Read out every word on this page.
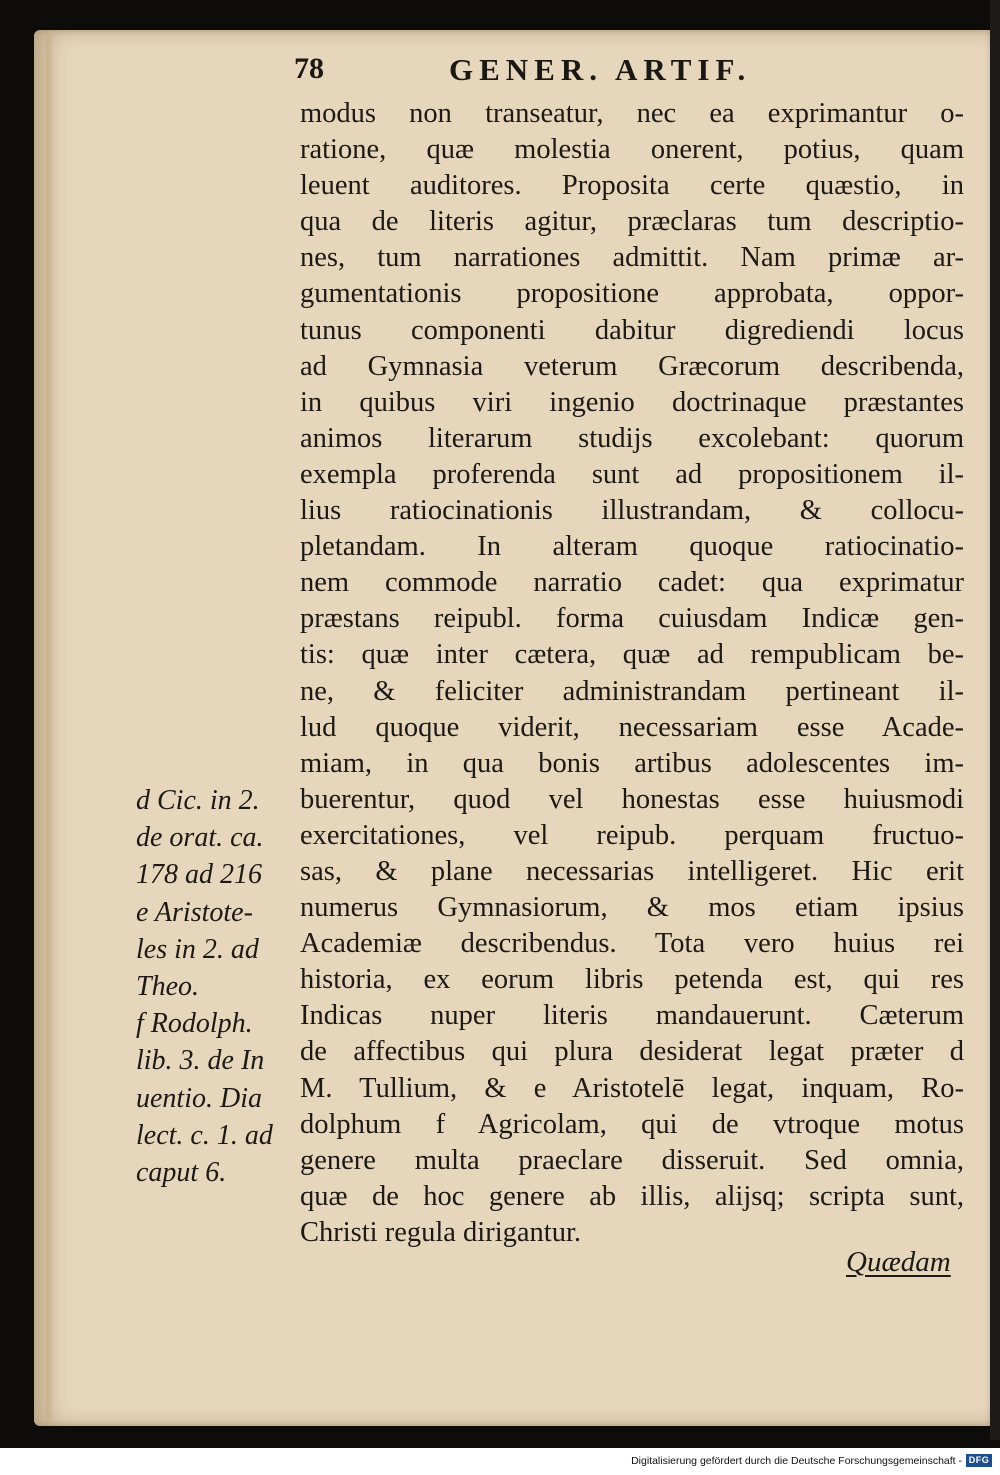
78	GENER. ARTIF.
modus non transeatur, nec ea exprimantur o-
ratione, quæ molestia onerent, potius, quam
leuent auditores. Proposita certe quæstio, in
qua de literis agitur, præclaras tum descriptio-
nes, tum narrationes admittit. Nam primæ ar-
gumentationis propositione approbata, oppor-
tunus componenti dabitur digrediendi locus
ad Gymnasia veterum Græcorum describenda,
in quibus viri ingenio doctrinaque præstantes
animos literarum studijs excolebant: quorum
exempla proferenda sunt ad propositionem il-
lius ratiocinationis illustrandam, & collocu-
pletandam. In alteram quoque ratiocinatio-
nem commode narratio cadet: qua exprimatur
præstans reipubl. forma cuiusdam Indicæ gen-
tis: quæ inter cætera, quæ ad rempublicam be-
ne, & feliciter administrandam pertineant il-
lud quoque viderit, necessariam esse Acade-
miam, in qua bonis artibus adolescentes im-
buerentur, quod vel honestas esse huiusmodi
exercitationes, vel reipub. perquam fructuo-
sas, & plane necessarias intelligeret. Hic erit
numerus Gymnasiorum, & mos etiam ipsius
Academiæ describendus. Tota vero huius rei
historia, ex eorum libris petenda est, qui res
Indicas nuper literis mandauerunt. Cæterum
de affectibus qui plura desiderat legat præter d
M. Tullium, & e Aristotelē legat, inquam, Ro-
dolphum f Agricolam, qui de vtroque motus
genere multa praeclare disseruit. Sed omnia,
quæ de hoc genere ab illis, alijsq; scripta sunt,
Christi regula dirigantur.
d Cic. in 2.
de orat. ca.
178 ad 216
e Aristote-
les in 2. ad
Theo.
f Rodolph.
lib. 3. de In
uentio. Dia
lect. c. 1. ad
caput 6.
Quædam
Digitalisierung gefördert durch die Deutsche Forschungsgemeinschaft - DFG
